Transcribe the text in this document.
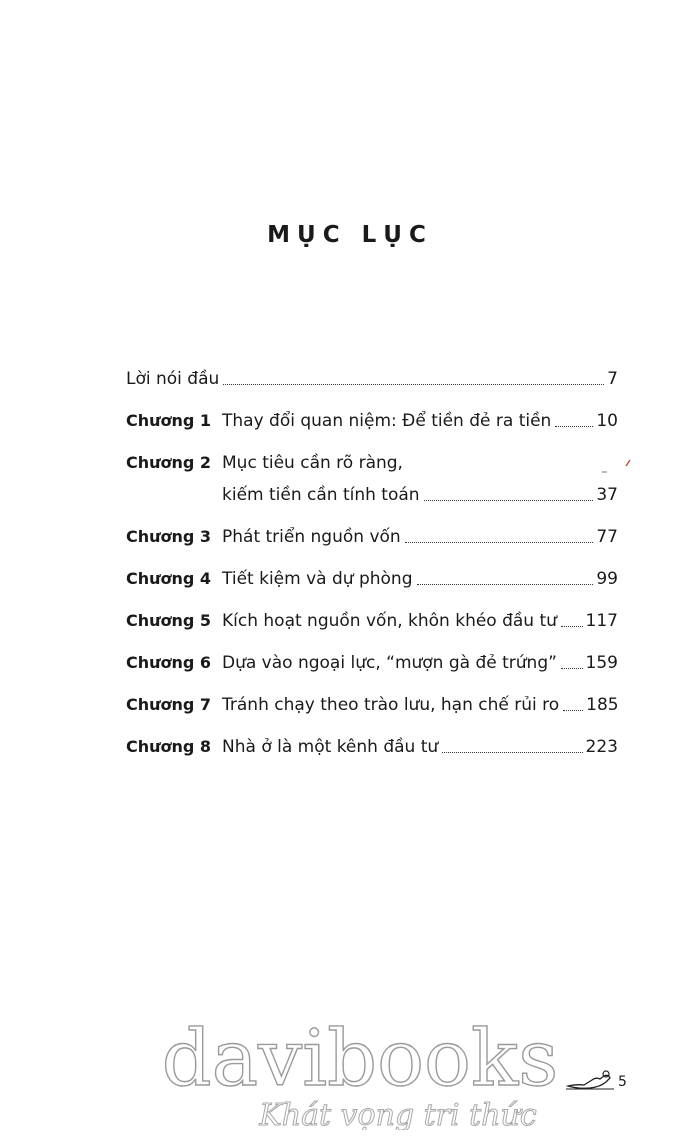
MỤC LỤC
Lời nói đầu	7
Chương 1 Thay đổi quan niệm: Để tiền đẻ ra tiền	10
Chương 2 Mục tiêu cần rõ ràng,
kiếm tiền cần tính toán	37
Chương 3 Phát triển nguồn vốn	77
Chương 4 Tiết kiệm và dự phòng	99
Chương 5 Kích hoạt nguồn vốn, khôn khéo đầu tư 117
Chương 6 Dựa vào ngoại lực, “mượn gà đẻ trứng” 159
Chương 7 Tránh chạy theo trào lưu, hạn chế rủi ro 185
Chương 8 Nhà ở là một kênh đầu tư	223
davibooks
Khát vọng tri thức
5
